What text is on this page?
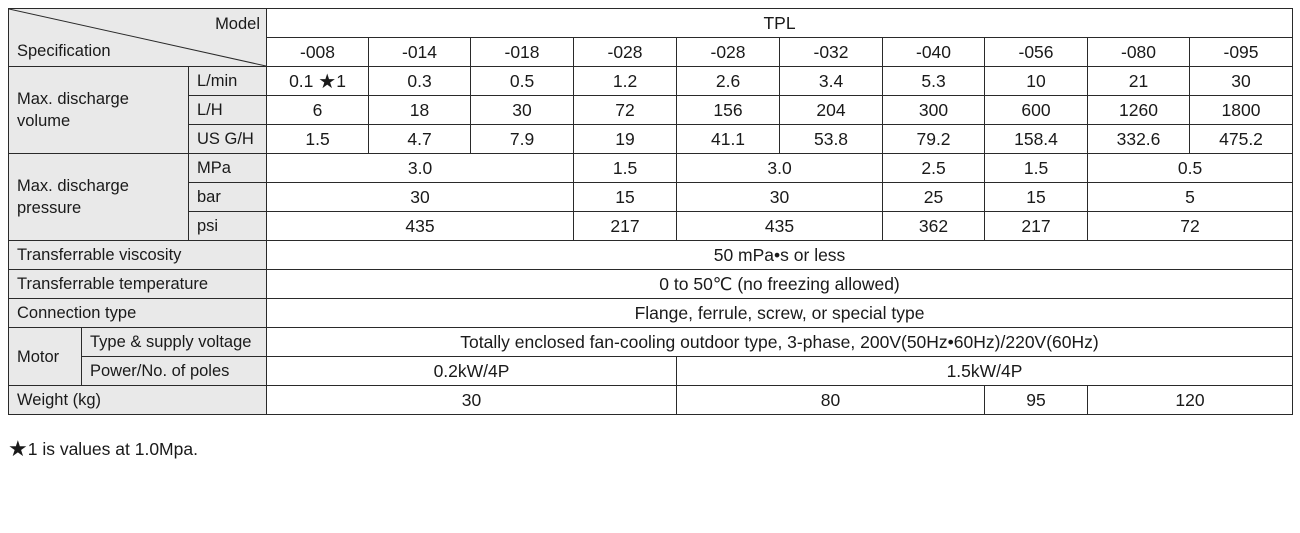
Model
Specification			TPL									
			-008	-014	-018	-028	-028	-032	-040	-056	-080	-095
Max. discharge volume		L/min	0.1 ★1	0.3	0.5	1.2	2.6	3.4	5.3	10	21	30
		L/H	6	18	30	72	156	204	300	600	1260	1800
		US G/H	1.5	4.7	7.9	19	41.1	53.8	79.2	158.4	332.6	475.2
Max. discharge pressure		MPa	3.0			1.5	3.0		2.5	1.5	0.5	
		bar	30			15	30		25	15	5	
		psi	435			217	435		362	217	72	
Transferrable viscosity			50 mPa•s or less									
Transferrable temperature			0 to 50℃ (no freezing allowed)									
Connection type			Flange, ferrule, screw, or special type									
Motor	Type & supply voltage		Totally enclosed fan-cooling outdoor type, 3-phase, 200V(50Hz•60Hz)/220V(60Hz)									
	Power/No. of poles		0.2kW/4P				1.5kW/4P					
Weight (kg)			30				80			95	120	
★1 is values at 1.0Mpa.
